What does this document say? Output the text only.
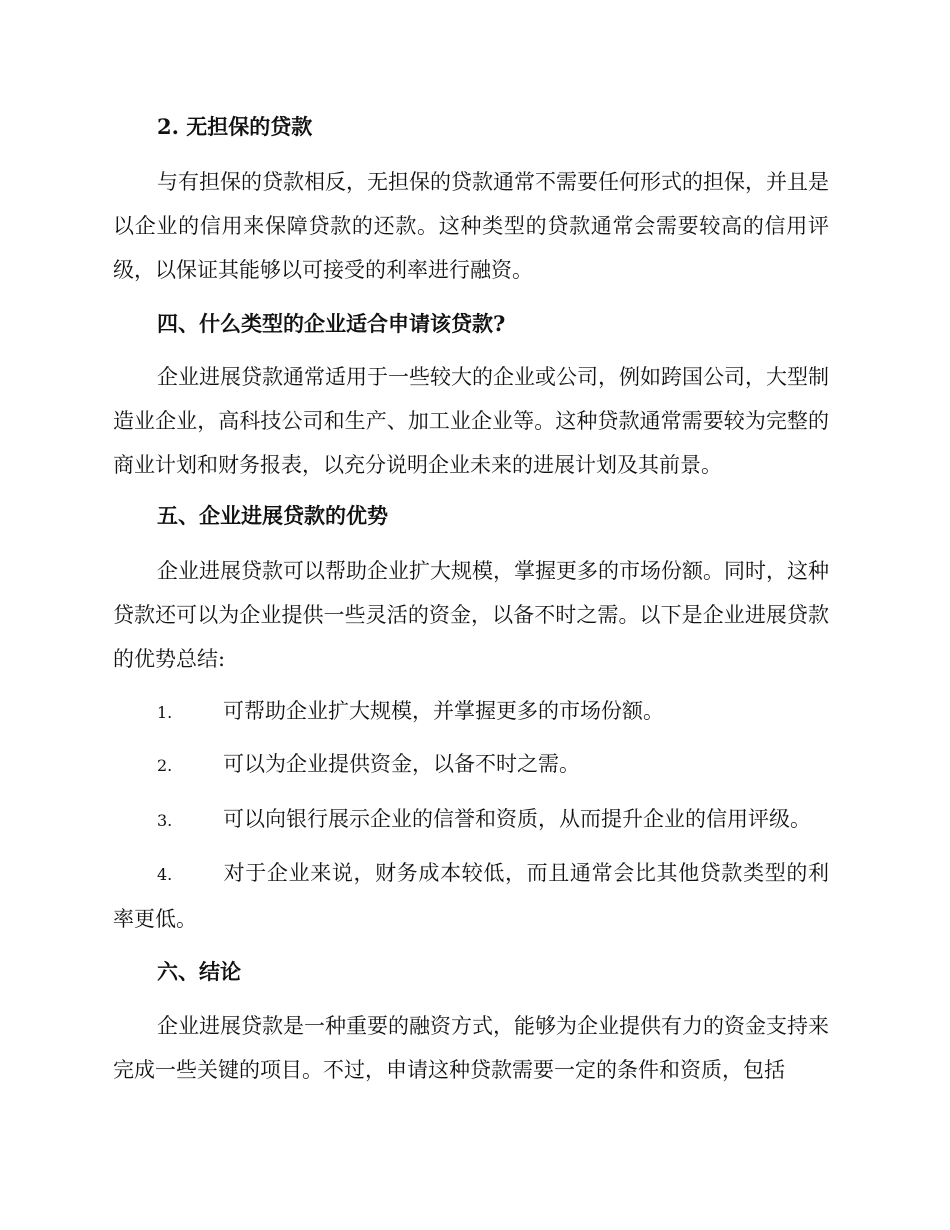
2. 无担保的贷款

与有担保的贷款相反，无担保的贷款通常不需要任何形式的担保，并且是以企业的信用来保障贷款的还款。这种类型的贷款通常会需要较高的信用评级，以保证其能够以可接受的利率进行融资。

四、什么类型的企业适合申请该贷款?

企业进展贷款通常适用于一些较大的企业或公司，例如跨国公司，大型制造业企业，高科技公司和生产、加工业企业等。这种贷款通常需要较为完整的商业计划和财务报表，以充分说明企业未来的进展计划及其前景。

五、企业进展贷款的优势

企业进展贷款可以帮助企业扩大规模，掌握更多的市场份额。同时，这种贷款还可以为企业提供一些灵活的资金，以备不时之需。以下是企业进展贷款的优势总结:

1. 可帮助企业扩大规模，并掌握更多的市场份额。
2. 可以为企业提供资金，以备不时之需。
3. 可以向银行展示企业的信誉和资质，从而提升企业的信用评级。
4. 对于企业来说，财务成本较低，而且通常会比其他贷款类型的利率更低。
六、结论

企业进展贷款是一种重要的融资方式，能够为企业提供有力的资金支持来完成一些关键的项目。不过，申请这种贷款需要一定的条件和资质，包括
